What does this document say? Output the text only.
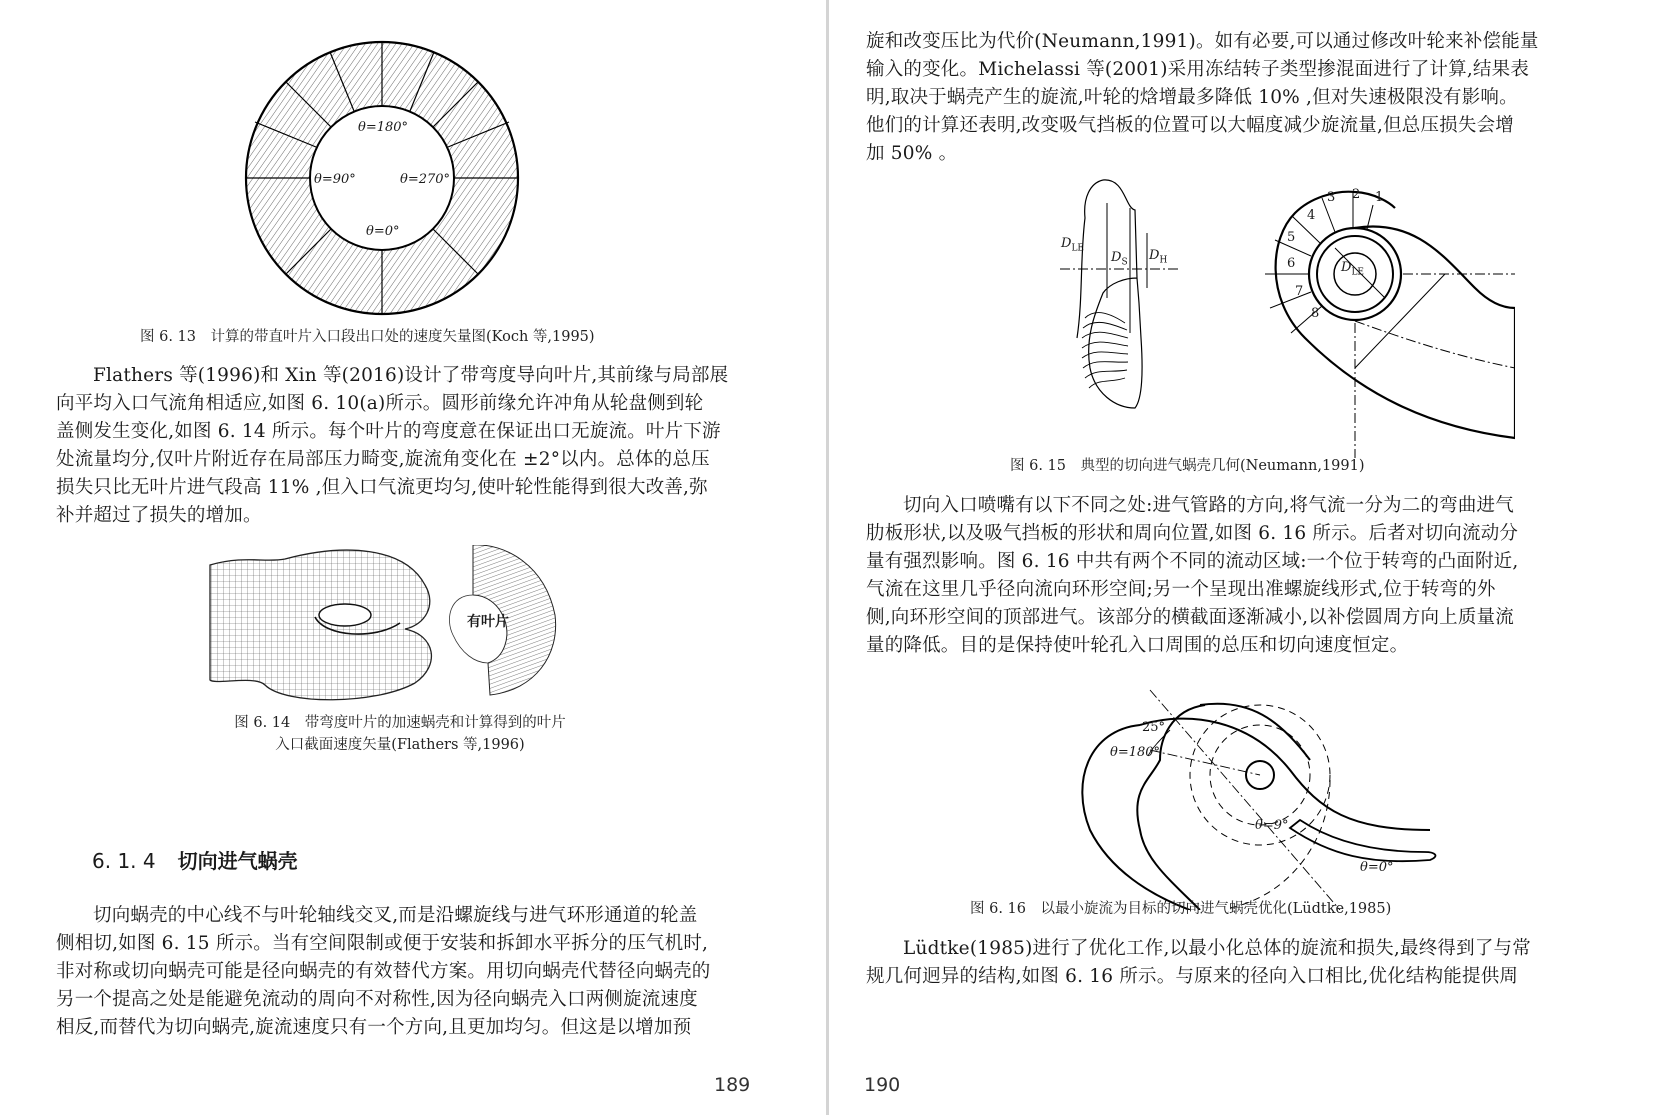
θ=180°
θ=90°	θ=270°
θ=0°
图 6. 13　计算的带直叶片入口段出口处的速度矢量图(Koch 等,1995)
Flathers 等(1996)和 Xin 等(2016)设计了带弯度导向叶片,其前缘与局部展
向平均入口气流角相适应,如图 6. 10(a)所示。圆形前缘允许冲角从轮盘侧到轮
盖侧发生变化,如图 6. 14 所示。每个叶片的弯度意在保证出口无旋流。叶片下游
处流量均分,仅叶片附近存在局部压力畸变,旋流角变化在 ±2°以内。总体的总压
损失只比无叶片进气段高 11% ,但入口气流更均匀,使叶轮性能得到很大改善,弥
补并超过了损失的增加。
有叶片
图 6. 14　带弯度叶片的加速蜗壳和计算得到的叶片
入口截面速度矢量(Flathers 等,1996)
6. 1. 4 切向进气蜗壳
切向蜗壳的中心线不与叶轮轴线交叉,而是沿螺旋线与进气环形通道的轮盖
侧相切,如图 6. 15 所示。当有空间限制或便于安装和拆卸水平拆分的压气机时,
非对称或切向蜗壳可能是径向蜗壳的有效替代方案。用切向蜗壳代替径向蜗壳的
另一个提高之处是能避免流动的周向不对称性,因为径向蜗壳入口两侧旋流速度
相反,而替代为切向蜗壳,旋流速度只有一个方向,且更加均匀。但这是以增加预
189
旋和改变压比为代价(Neumann,1991)。如有必要,可以通过修改叶轮来补偿能量
输入的变化。Michelassi 等(2001)采用冻结转子类型掺混面进行了计算,结果表
明,取决于蜗壳产生的旋流,叶轮的焓增最多降低 10% ,但对失速极限没有影响。
他们的计算还表明,改变吸气挡板的位置可以大幅度减少旋流量,但总压损失会增
加 50% 。
$D_{LE}$
$D_S$ $D_H$	$D_{LE}$
1
2
3
4
5
6
7
8
图 6. 15　典型的切向进气蜗壳几何(Neumann,1991)
切向入口喷嘴有以下不同之处:进气管路的方向,将气流一分为二的弯曲进气
肋板形状,以及吸气挡板的形状和周向位置,如图 6. 16 所示。后者对切向流动分
量有强烈影响。图 6. 16 中共有两个不同的流动区域:一个位于转弯的凸面附近,
气流在这里几乎径向流向环形空间;另一个呈现出准螺旋线形式,位于转弯的外
侧,向环形空间的顶部进气。该部分的横截面逐渐减小,以补偿圆周方向上质量流
量的降低。目的是保持使叶轮孔入口周围的总压和切向速度恒定。
25°
θ=180°
θ=9°
θ=0°
图 6. 16　以最小旋流为目标的切向进气蜗壳优化(Lüdtke,1985)
Lüdtke(1985)进行了优化工作,以最小化总体的旋流和损失,最终得到了与常
规几何迥异的结构,如图 6. 16 所示。与原来的径向入口相比,优化结构能提供周
190
